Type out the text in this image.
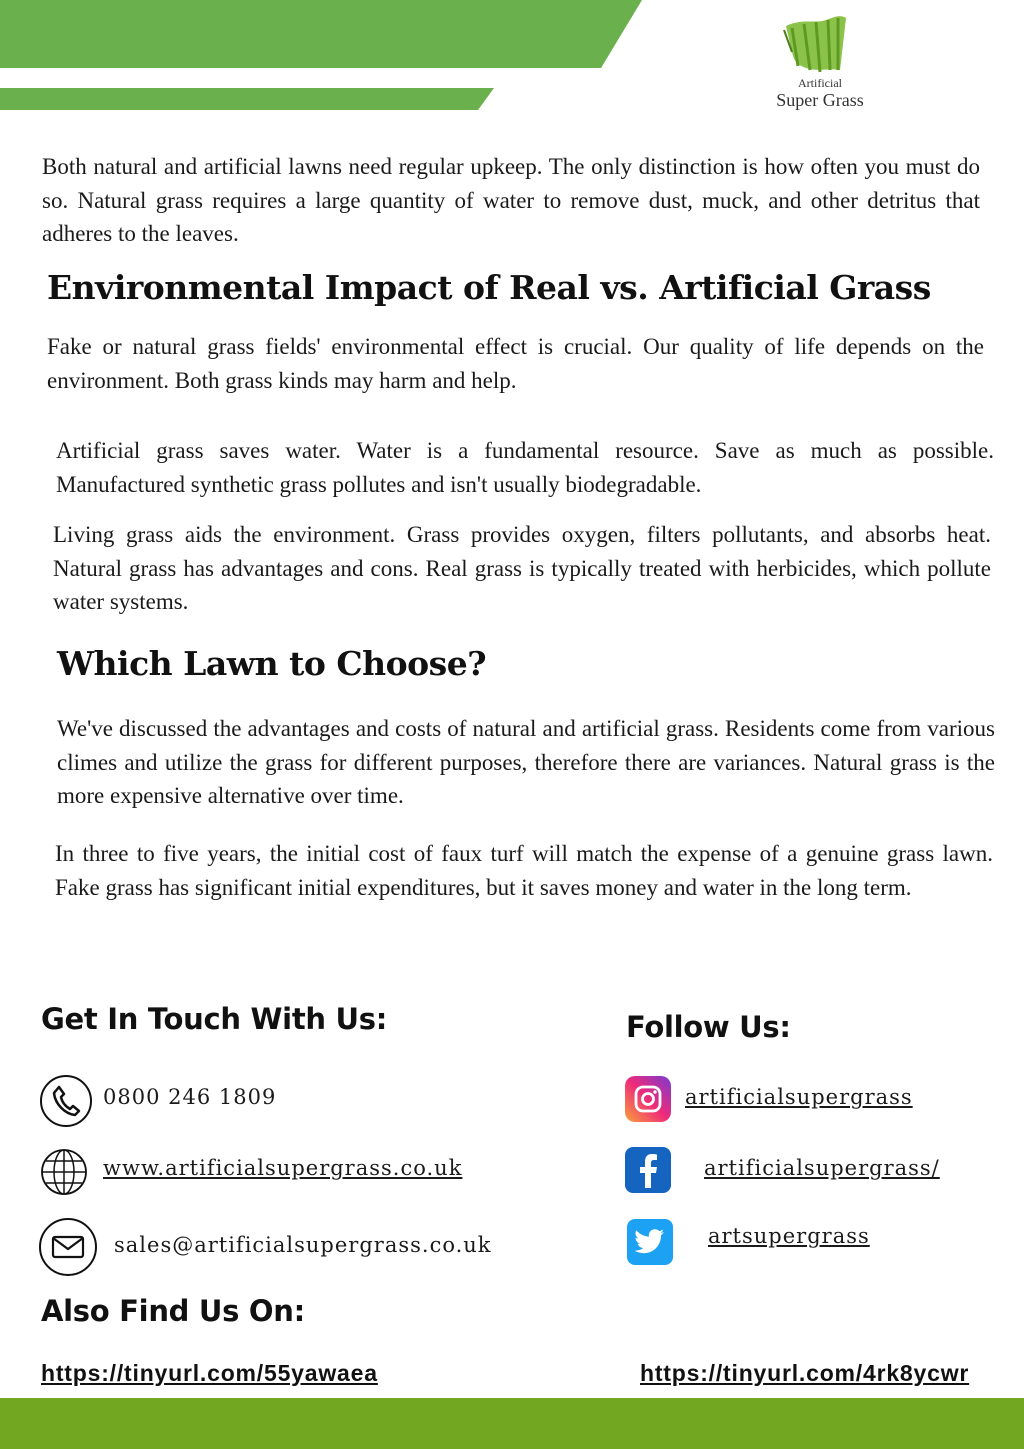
Artificial
Super Grass

Both natural and artificial lawns need regular upkeep. The only distinction is how often you must do so. Natural grass requires a large quantity of water to remove dust, muck, and other detritus that adheres to the leaves.

Environmental Impact of Real vs. Artificial Grass

Fake or natural grass fields' environmental effect is crucial. Our quality of life depends on the environment. Both grass kinds may harm and help.

Artificial grass saves water. Water is a fundamental resource. Save as much as possible. Manufactured synthetic grass pollutes and isn't usually biodegradable.

Living grass aids the environment. Grass provides oxygen, filters pollutants, and absorbs heat. Natural grass has advantages and cons. Real grass is typically treated with herbicides, which pollute water systems.

Which Lawn to Choose?

We've discussed the advantages and costs of natural and artificial grass. Residents come from various climes and utilize the grass for different purposes, therefore there are variances. Natural grass is the more expensive alternative over time.

In three to five years, the initial cost of faux turf will match the expense of a genuine grass lawn. Fake grass has significant initial expenditures, but it saves money and water in the long term.

Get In Touch With Us:
0800 246 1809
www.artificialsupergrass.co.uk
sales@artificialsupergrass.co.uk
Follow Us:
artificialsupergrass
artificialsupergrass/
artsupergrass
Also Find Us On:
https://tinyurl.com/55yawaea	https://tinyurl.com/4rk8ycwr
